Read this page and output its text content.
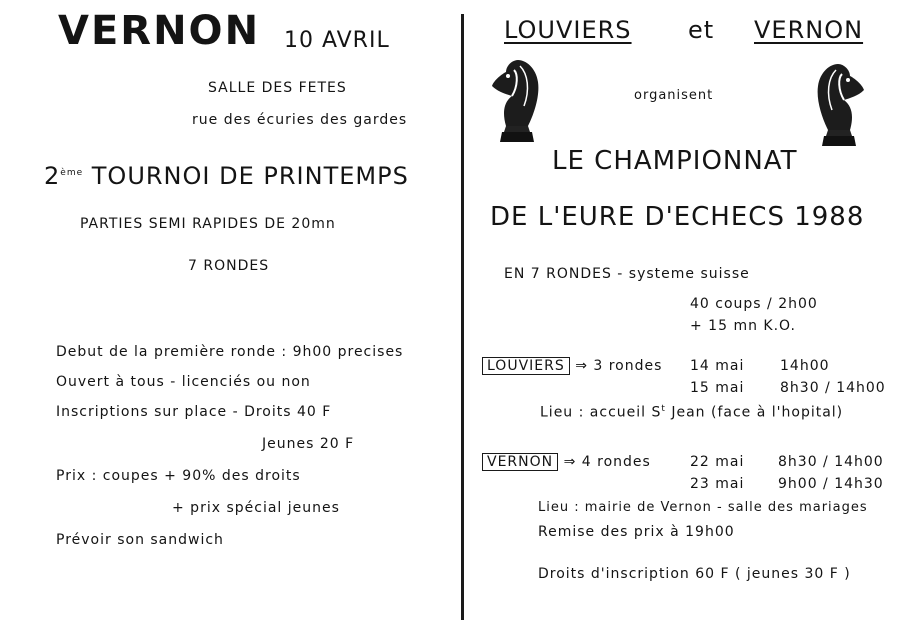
VERNON 10 AVRIL
SALLE DES FETES
rue des écuries des gardes
2ème TOURNOI DE PRINTEMPS
PARTIES SEMI RAPIDES DE 20mn
7 RONDES
Debut de la première ronde : 9h00 precises
Ouvert à tous - licenciés ou non
Inscriptions sur place - Droits 40 F
Jeunes 20 F
Prix : coupes + 90% des droits
+ prix spécial jeunes
Prévoir son sandwich
LOUVIERS et VERNON
organisent
LE CHAMPIONNAT
DE L'EURE D'ECHECS 1988
EN 7 RONDES - systeme suisse
40 coups / 2h00
+ 15 mn K.O.
LOUVIERS ⇒ 3 rondes 14 mai	14h00
15 mai	8h30 / 14h00
Lieu : accueil $S^t$ Jean (face à l'hopital)
VERNON ⇒ 4 rondes	22 mai 8h30 / 14h00
23 mai 9h00 / 14h30
Lieu : mairie de Vernon - salle des mariages
Remise des prix à 19h00
Droits d'inscription 60 F ( jeunes 30 F )
